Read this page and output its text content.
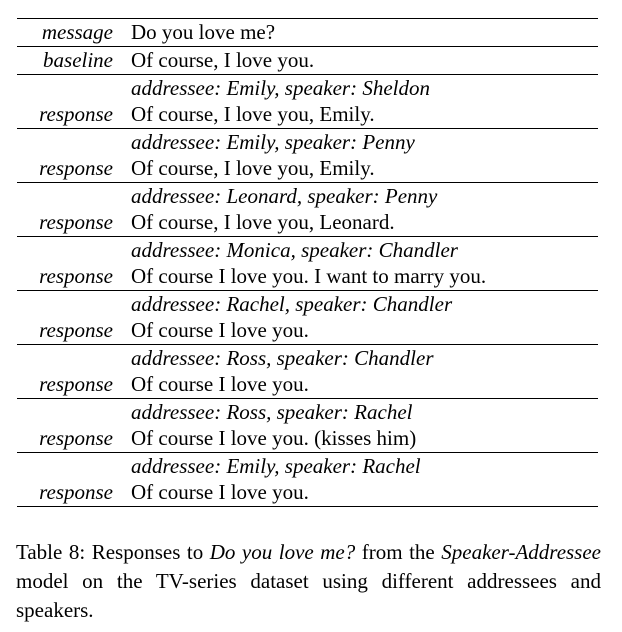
message	Do you love me?

baseline	Of course, I love you.

response	addressee: Emily, speaker: Sheldon
Of course, I love you, Emily.

response	addressee: Emily, speaker: Penny
Of course, I love you, Emily.

response	addressee: Leonard, speaker: Penny
Of course, I love you, Leonard.

response	addressee: Monica, speaker: Chandler
Of course I love you. I want to marry you.

response	addressee: Rachel, speaker: Chandler
Of course I love you.

response	addressee: Ross, speaker: Chandler
Of course I love you.

response	addressee: Ross, speaker: Rachel
Of course I love you. (kisses him)

response	addressee: Emily, speaker: Rachel
Of course I love you.
Table 8: Responses to Do you love me? from the Speaker-Addressee model on the TV-series dataset using different addressees and speakers.
